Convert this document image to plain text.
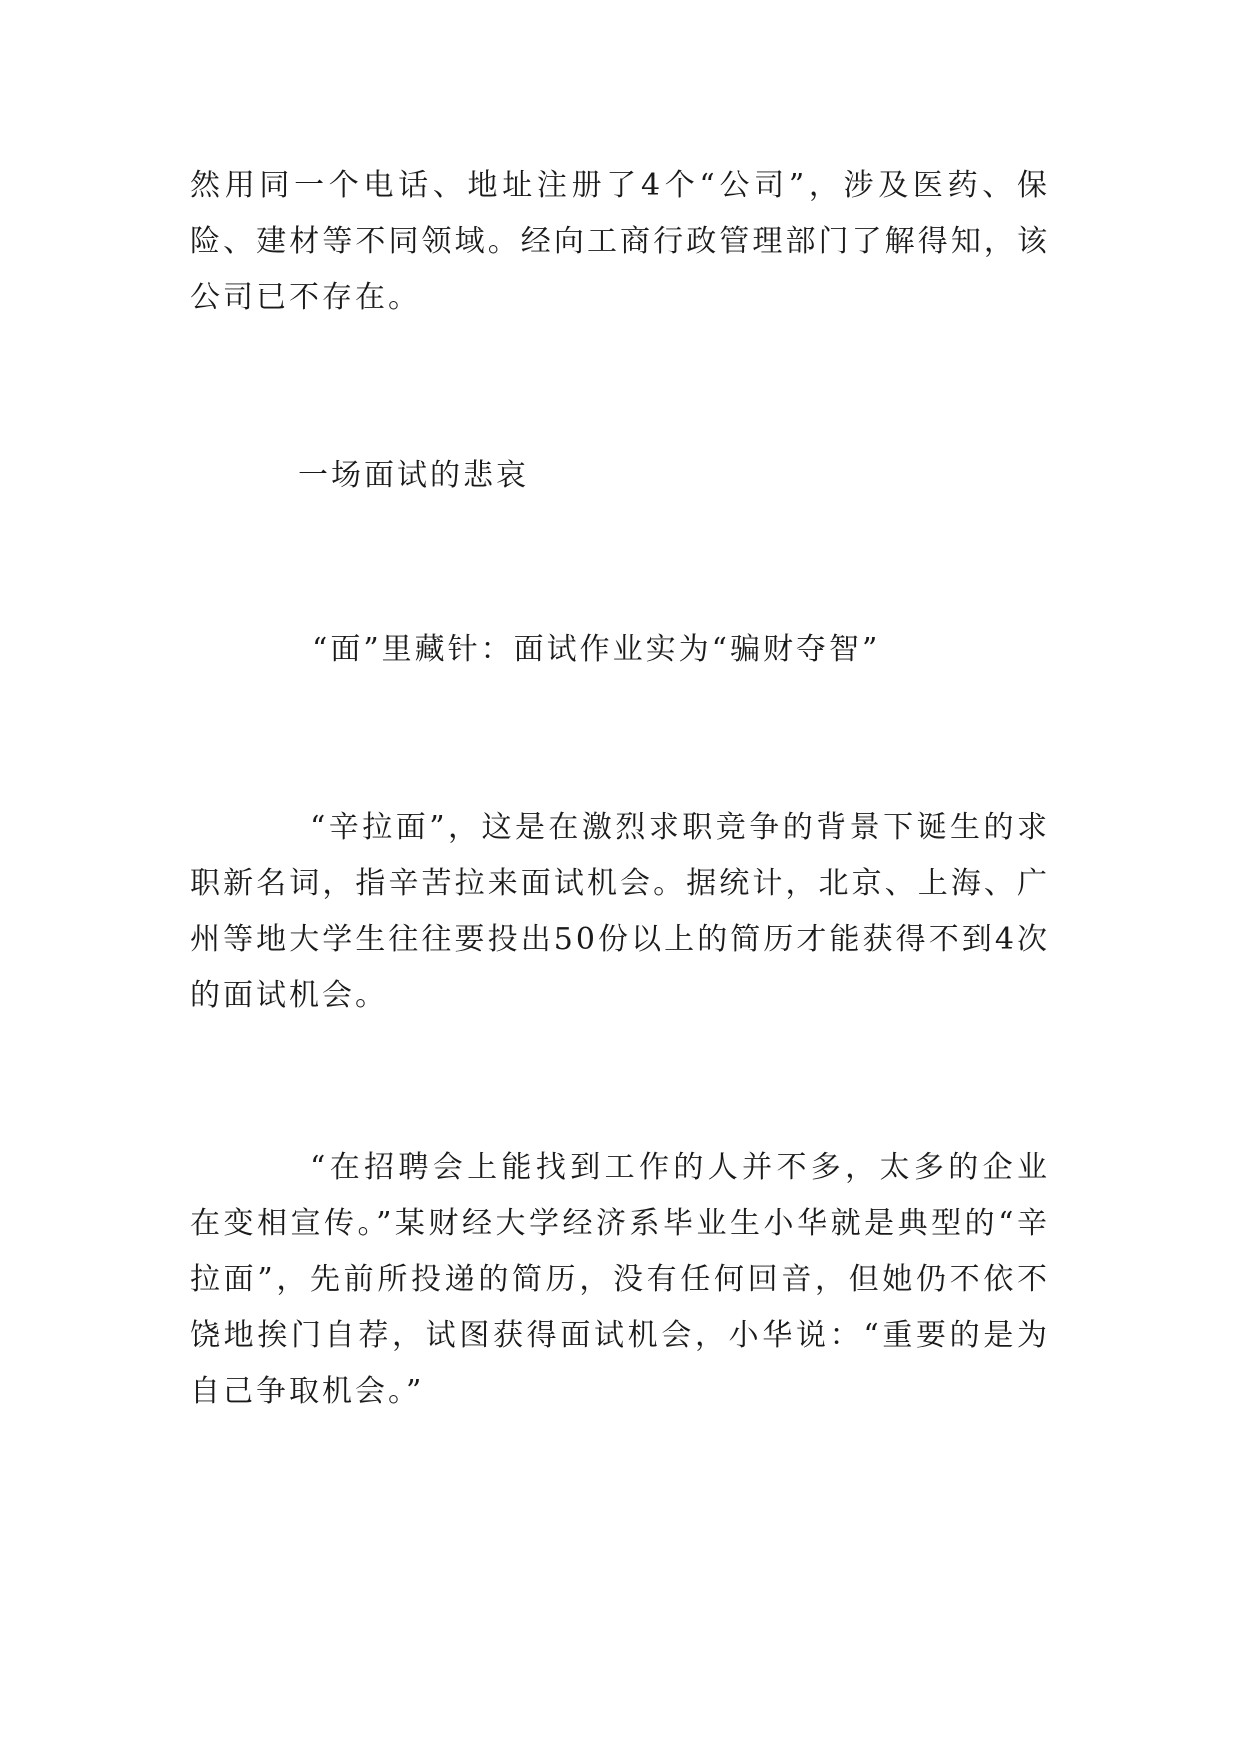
然用同一个电话、地址注册了4个“公司”，涉及医药、保险、建材等不同领域。经向工商行政管理部门了解得知，该公司已不存在。

一场面试的悲哀
“面”里藏针：面试作业实为“骗财夺智”

“辛拉面”，这是在激烈求职竞争的背景下诞生的求职新名词，指辛苦拉来面试机会。据统计，北京、上海、广州等地大学生往往要投出50份以上的简历才能获得不到4次的面试机会。

“在招聘会上能找到工作的人并不多，太多的企业在变相宣传。”某财经大学经济系毕业生小华就是典型的“辛拉面”，先前所投递的简历，没有任何回音，但她仍不依不饶地挨门自荐，试图获得面试机会，小华说：“重要的是为自己争取机会。”
